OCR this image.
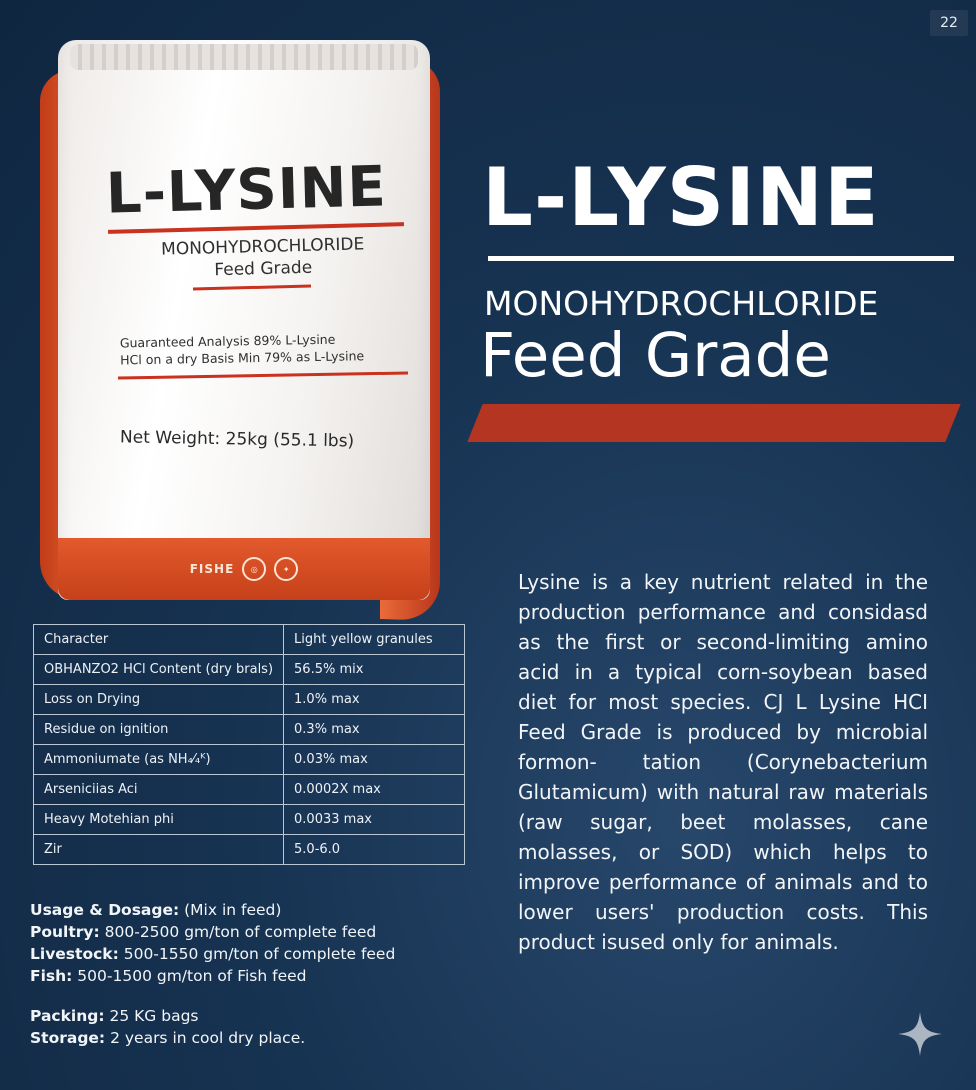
22
L-LYSINE
MONOHYDROCHLORIDE
Feed Grade
Guaranteed Analysis 89% L-Lysine
HCl on a dry Basis Min 79% as L-Lysine
Net Weight: 25kg (55.1 lbs)
FISHE	◎	✦
L-LYSINE
MONOHYDROCHLORIDE
Feed Grade

Lysine is a key nutrient related in the production performance and considasd as the first or second-limiting amino acid in a typical corn-soybean based diet for most species. CJ L Lysine HCI Feed Grade is produced by microbial formon- tation (Corynebacterium Glutamicum) with natural raw materials (raw sugar, beet molasses, cane molasses, or SOD) which helps to improve performance of animals and to lower users' production costs. This product isused only for animals.

Character	Light yellow granules
OBHANZO2 HCl Content (dry brals)	56.5% mix
Loss on Drying	1.0% max
Residue on ignition	0.3% max
Ammoniumate (as NH₄⁄₄ᴷ)	0.03% max
Arseniciias Aci	0.0002X max
Heavy Motehian phi	0.0033 max
Zir	5.0-6.0
Usage & Dosage: (Mix in feed)
Poultry: 800-2500 gm/ton of complete feed
Livestock: 500-1550 gm/ton of complete feed
Fish: 500-1500 gm/ton of Fish feed
Packing: 25 KG bags
Storage: 2 years in cool dry place.
